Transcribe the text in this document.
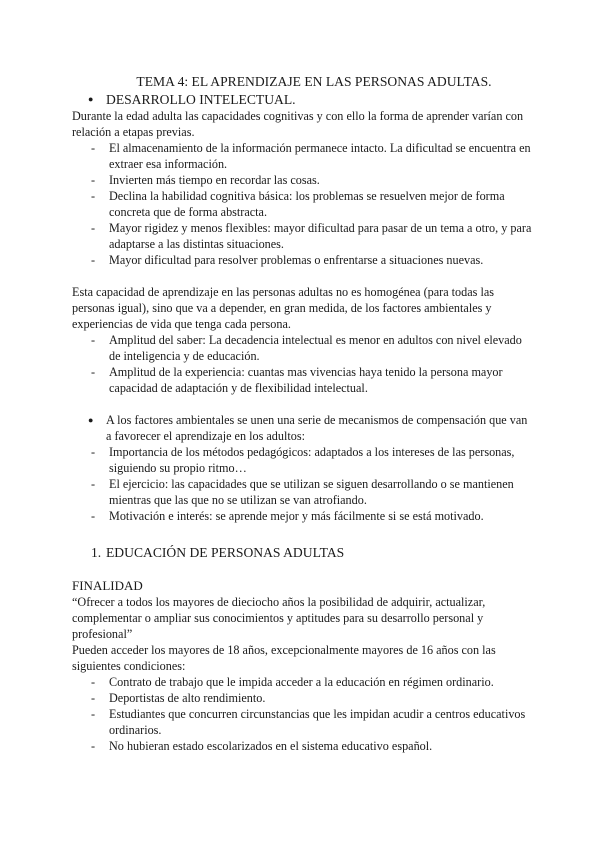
TEMA 4: EL APRENDIZAJE EN LAS PERSONAS ADULTAS.

● DESARROLLO INTELECTUAL.

Durante la edad adulta las capacidades cognitivas y con ello la forma de aprender varían con relación a etapas previas.

- El almacenamiento de la información permanece intacto. La dificultad se encuentra en extraer esa información.
- Invierten más tiempo en recordar las cosas.
- Declina la habilidad cognitiva básica: los problemas se resuelven mejor de forma concreta que de forma abstracta.
- Mayor rigidez y menos flexibles: mayor dificultad para pasar de un tema a otro, y para adaptarse a las distintas situaciones.
- Mayor dificultad para resolver problemas o enfrentarse a situaciones nuevas.

Esta capacidad de aprendizaje en las personas adultas no es homogénea (para todas las personas igual), sino que va a depender, en gran medida, de los factores ambientales y experiencias de vida que tenga cada persona.

- Amplitud del saber: La decadencia intelectual es menor en adultos con nivel elevado de inteligencia y de educación.
- Amplitud de la experiencia: cuantas mas vivencias haya tenido la persona mayor capacidad de adaptación y de flexibilidad intelectual.

● A los factores ambientales se unen una serie de mecanismos de compensación que van a favorecer el aprendizaje en los adultos:

- Importancia de los métodos pedagógicos: adaptados a los intereses de las personas, siguiendo su propio ritmo…
- El ejercicio: las capacidades que se utilizan se siguen desarrollando o se mantienen mientras que las que no se utilizan se van atrofiando.
- Motivación e interés: se aprende mejor y más fácilmente si se está motivado.

1. EDUCACIÓN DE PERSONAS ADULTAS

FINALIDAD

“Ofrecer a todos los mayores de dieciocho años la posibilidad de adquirir, actualizar, complementar o ampliar sus conocimientos y aptitudes para su desarrollo personal y profesional”

Pueden acceder los mayores de 18 años, excepcionalmente mayores de 16 años con las siguientes condiciones:

- Contrato de trabajo que le impida acceder a la educación en régimen ordinario.
- Deportistas de alto rendimiento.
- Estudiantes que concurren circunstancias que les impidan acudir a centros educativos ordinarios.
- No hubieran estado escolarizados en el sistema educativo español.
